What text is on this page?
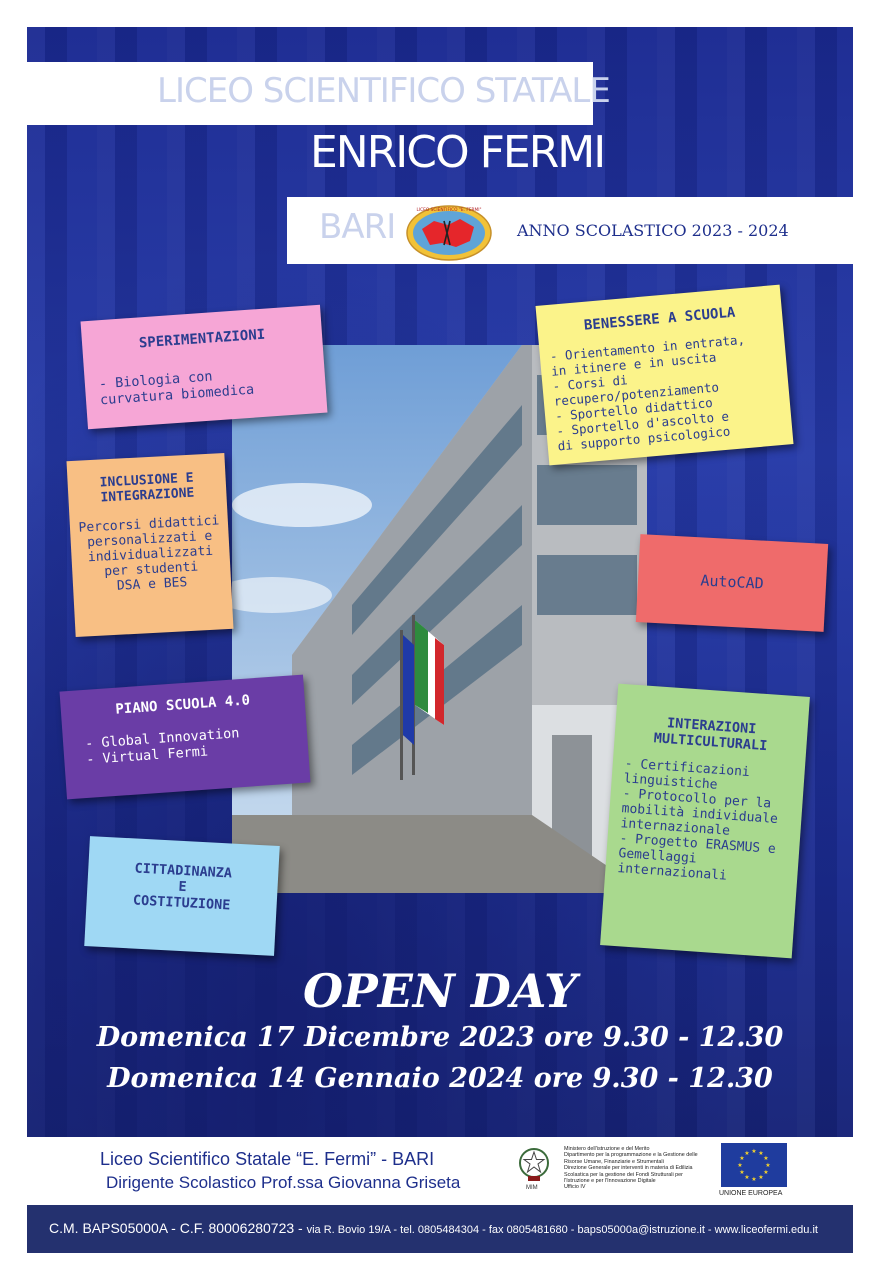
LICEO SCIENTIFICO STATALE
ENRICO FERMI
BARI	LICEO SCIENTIFICO "E. FERMI"
ANNO SCOLASTICO 2023 - 2024
SPERIMENTAZIONI
- Biologia con
curvatura biomedica
BENESSERE A SCUOLA
- Orientamento in entrata,
in itinere e in uscita
- Corsi di recupero/potenziamento
- Sportello didattico
- Sportello d'ascolto e
di supporto psicologico
INCLUSIONE E
INTEGRAZIONE
Percorsi didattici
personalizzati e
individualizzati
per studenti
DSA e BES	AutoCAD
PIANO SCUOLA 4.0
- Global Innovation
- Virtual Fermi
INTERAZIONI
MULTICULTURALI
- Certificazioni
linguistiche
- Protocollo per la
mobilità individuale
internazionale
- Progetto ERASMUS e
Gemellaggi
internazionali
CITTADINANZA
E
COSTITUZIONE
OPEN DAY
Domenica 17 Dicembre 2023 ore 9.30 - 12.30
Domenica 14 Gennaio 2024 ore 9.30 - 12.30
Liceo Scientifico Statale “E. Fermi” - BARI
Dirigente Scolastico Prof.ssa Giovanna Griseta	MIM
Ministero dell'istruzione e del Merito
Dipartimento per la programmazione e la Gestione delle
Risorse Umane, Finanziarie e Strumentali
Direzione Generale per interventi in materia di Edilizia
Scolastica per la gestione dei Fondi Strutturali per
l'Istruzione e per l'Innovazione Digitale
Ufficio IV
★ ★
★
★
★
★
★
★
★
★
★
★
UNIONE EUROPEA
C.M. BAPS05000A - C.F. 80006280723 - via R. Bovio 19/A - tel. 0805484304 - fax 0805481680 - baps05000a@istruzione.it - www.liceofermi.edu.it
